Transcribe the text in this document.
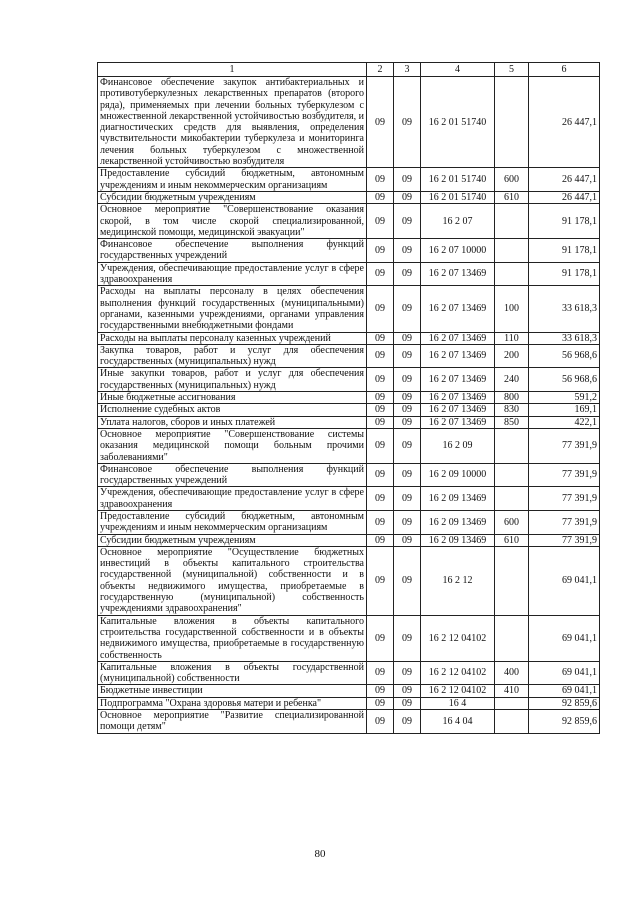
1	2	3	4	5	6
Финансовое обеспечение закупок антибактериальных и противотуберкулезных лекарственных препаратов (второго ряда), применяемых при лечении больных туберкулезом с множественной лекарственной устойчивостью возбудителя, и диагностических средств для выявления, определения чувствительности микобактерии туберкулеза и мониторинга лечения больных туберкулезом с множественной лекарственной устойчивостью возбудителя	09	09	16 2 01 51740		26 447,1
Предоставление субсидий бюджетным, автономным учреждениям и иным некоммерческим организациям	09	09	16 2 01 51740	600	26 447,1
Субсидии бюджетным учреждениям	09	09	16 2 01 51740	610	26 447,1
Основное мероприятие "Совершенствование оказания скорой, в том числе скорой специализированной, медицинской помощи, медицинской эвакуации"	09	09	16 2 07		91 178,1
Финансовое обеспечение выполнения функций государственных учреждений	09	09	16 2 07 10000		91 178,1
Учреждения, обеспечивающие предоставление услуг в сфере здравоохранения	09	09	16 2 07 13469		91 178,1
Расходы на выплаты персоналу в целях обеспечения выполнения функций государственных (муниципальными) органами, казенными учреждениями, органами управления государственными внебюджетными фондами	09	09	16 2 07 13469	100	33 618,3
Расходы на выплаты персоналу казенных учреждений	09	09	16 2 07 13469	110	33 618,3
Закупка товаров, работ и услуг для обеспечения государственных (муниципальных) нужд	09	09	16 2 07 13469	200	56 968,6
Иные закупки товаров, работ и услуг для обеспечения государственных (муниципальных) нужд	09	09	16 2 07 13469	240	56 968,6
Иные бюджетные ассигнования	09	09	16 2 07 13469	800	591,2
Исполнение судебных актов	09	09	16 2 07 13469	830	169,1
Уплата налогов, сборов и иных платежей	09	09	16 2 07 13469	850	422,1
Основное мероприятие "Совершенствование системы оказания медицинской помощи больным прочими заболеваниями"	09	09	16 2 09		77 391,9
Финансовое обеспечение выполнения функций государственных учреждений	09	09	16 2 09 10000		77 391,9
Учреждения, обеспечивающие предоставление услуг в сфере здравоохранения	09	09	16 2 09 13469		77 391,9
Предоставление субсидий бюджетным, автономным учреждениям и иным некоммерческим организациям	09	09	16 2 09 13469	600	77 391,9
Субсидии бюджетным учреждениям	09	09	16 2 09 13469	610	77 391,9
Основное мероприятие "Осуществление бюджетных инвестиций в объекты капитального строительства государственной (муниципальной) собственности и в объекты недвижимого имущества, приобретаемые в государственную (муниципальной) собственность учреждениями здравоохранения"	09	09	16 2 12		69 041,1
Капитальные вложения в объекты капитального строительства государственной собственности и в объекты недвижимого имущества, приобретаемые в государственную собственность	09	09	16 2 12 04102		69 041,1
Капитальные вложения в объекты государственной (муниципальной) собственности	09	09	16 2 12 04102	400	69 041,1
Бюджетные инвестиции	09	09	16 2 12 04102	410	69 041,1
Подпрограмма "Охрана здоровья матери и ребенка"	09	09	16 4		92 859,6
Основное мероприятие "Развитие специализированной помощи детям"	09	09	16 4 04		92 859,6
80
